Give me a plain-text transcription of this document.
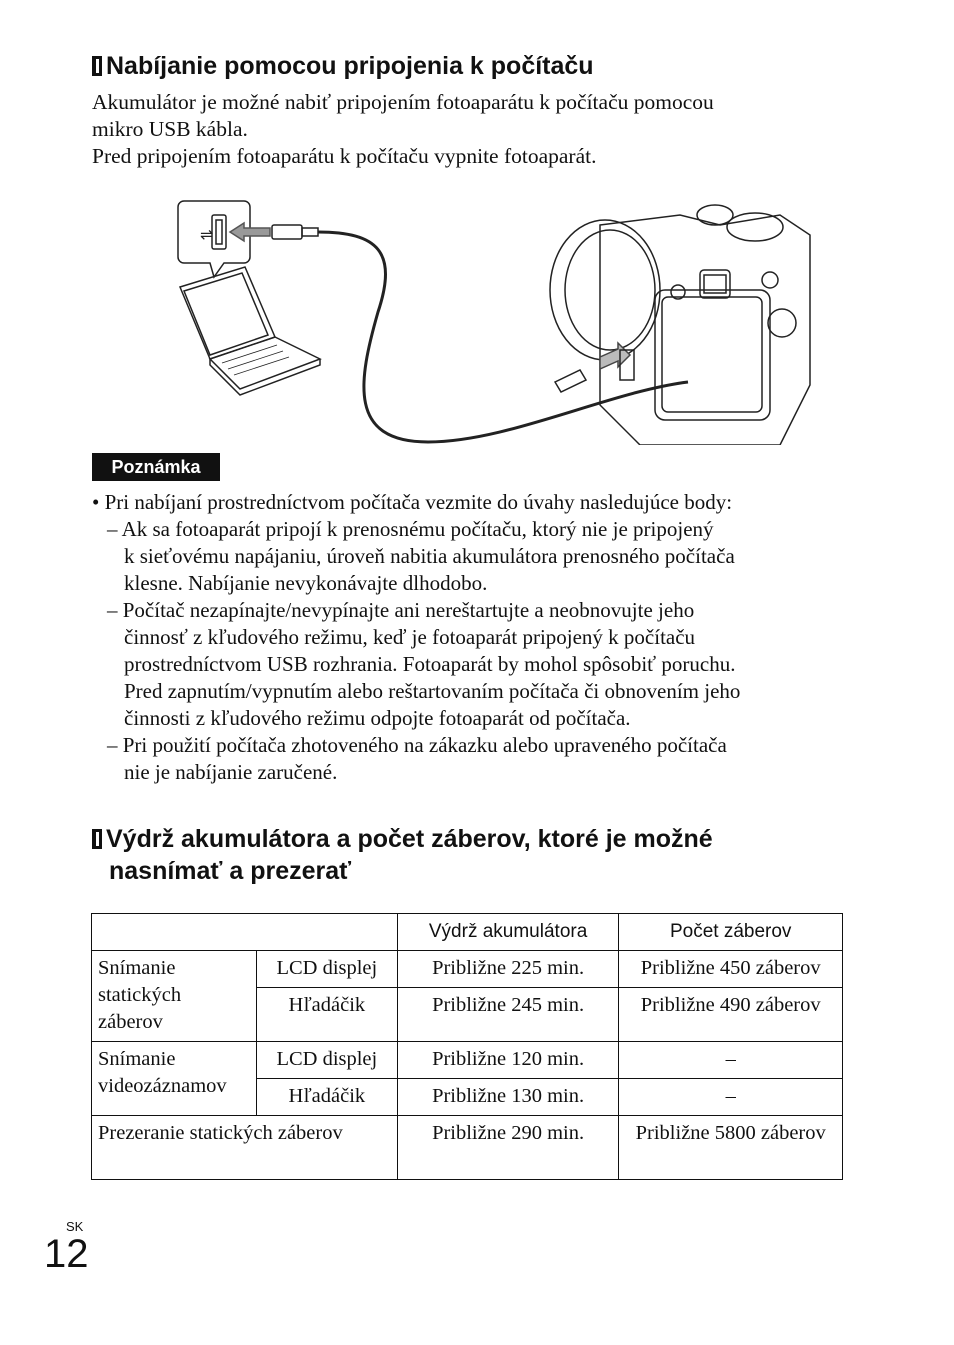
Nabíjanie pomocou pripojenia k počítaču
Akumulátor je možné nabiť pripojením fotoaparátu k počítaču pomocou
mikro USB kábla.
Pred pripojením fotoaparátu k počítaču vypnite fotoaparát.
⇌
Poznámka
• Pri nabíjaní prostredníctvom počítača vezmite do úvahy nasledujúce body:
– Ak sa fotoaparát pripojí k prenosnému počítaču, ktorý nie je pripojený
k sieťovému napájaniu, úroveň nabitia akumulátora prenosného počítača
klesne. Nabíjanie nevykonávajte dlhodobo.
– Počítač nezapínajte/nevypínajte ani nereštartujte a neobnovujte jeho
činnosť z kľudového režimu, keď je fotoaparát pripojený k počítaču
prostredníctvom USB rozhrania. Fotoaparát by mohol spôsobiť poruchu.
Pred zapnutím/vypnutím alebo reštartovaním počítača či obnovením jeho
činnosti z kľudového režimu odpojte fotoaparát od počítača.
– Pri použití počítača zhotoveného na zákazku alebo upraveného počítača
nie je nabíjanie zaručené.
Výdrž akumulátora a počet záberov, ktoré je možné
nasnímať a prezerať
		Výdrž akumulátora	Počet záberov
Snímanie statických záberov	LCD displej	Približne 225 min.	Približne 450 záberov
	Hľadáčik	Približne 245 min.	Približne 490 záberov
Snímanie videozáznamov	LCD displej	Približne 120 min.	–
	Hľadáčik	Približne 130 min.	–
Prezeranie statických záberov		Približne 290 min.	Približne 5800 záberov
SK
12
